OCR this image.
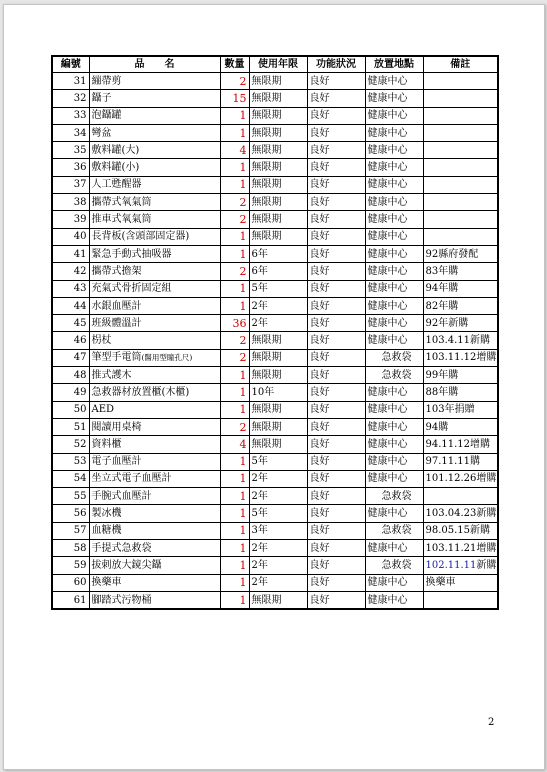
編號	品　　名	數量	使用年限	功能狀況	放置地點	備註
31	繃帶剪	2	無限期	良好	健康中心	
32	鑷子	15	無限期	良好	健康中心	
33	泡鑷罐	1	無限期	良好	健康中心	
34	彎盆	1	無限期	良好	健康中心	
35	敷料罐(大)	4	無限期	良好	健康中心	
36	敷料罐(小)	1	無限期	良好	健康中心	
37	人工甦醒器	1	無限期	良好	健康中心	
38	攜帶式氧氣筒	2	無限期	良好	健康中心	
39	推車式氧氣筒	2	無限期	良好	健康中心	
40	長背板(含頭部固定器)	1	無限期	良好	健康中心	
41	緊急手動式抽吸器	1	6年	良好	健康中心	92縣府發配
42	攜帶式擔架	2	6年	良好	健康中心	83年購
43	充氣式骨折固定組	1	5年	良好	健康中心	94年購
44	水銀血壓計	1	2年	良好	健康中心	82年購
45	班級體溫計	36	2年	良好	健康中心	92年新購
46	枴杖	2	無限期	良好	健康中心	103.4.11新購
47	筆型手電筒(醫用型瞳孔尺)	2	無限期	良好	急救袋	103.11.12增購
48	推式護木	1	無限期	良好	急救袋	99年購
49	急救器材放置櫃(木櫃)	1	10年	良好	健康中心	88年購
50	AED	1	無限期	良好	健康中心	103年捐贈
51	閱讀用桌椅	2	無限期	良好	健康中心	94購
52	資料櫃	4	無限期	良好	健康中心	94.11.12增購
53	電子血壓計	1	5年	良好	健康中心	97.11.11購
54	坐立式電子血壓計	1	2年	良好	健康中心	101.12.26增購
55	手腕式血壓計	1	2年	良好	急救袋	
56	製冰機	1	5年	良好	健康中心	103.04.23新購
57	血糖機	1	3年	良好	急救袋	98.05.15新購
58	手提式急救袋	1	2年	良好	健康中心	103.11.21增購
59	拔刺放大鏡尖鑷	1	2年	良好	急救袋	102.11.11新購
60	換藥車	1	2年	良好	健康中心	換藥車
61	腳踏式污物桶	1	無限期	良好	健康中心	
2
